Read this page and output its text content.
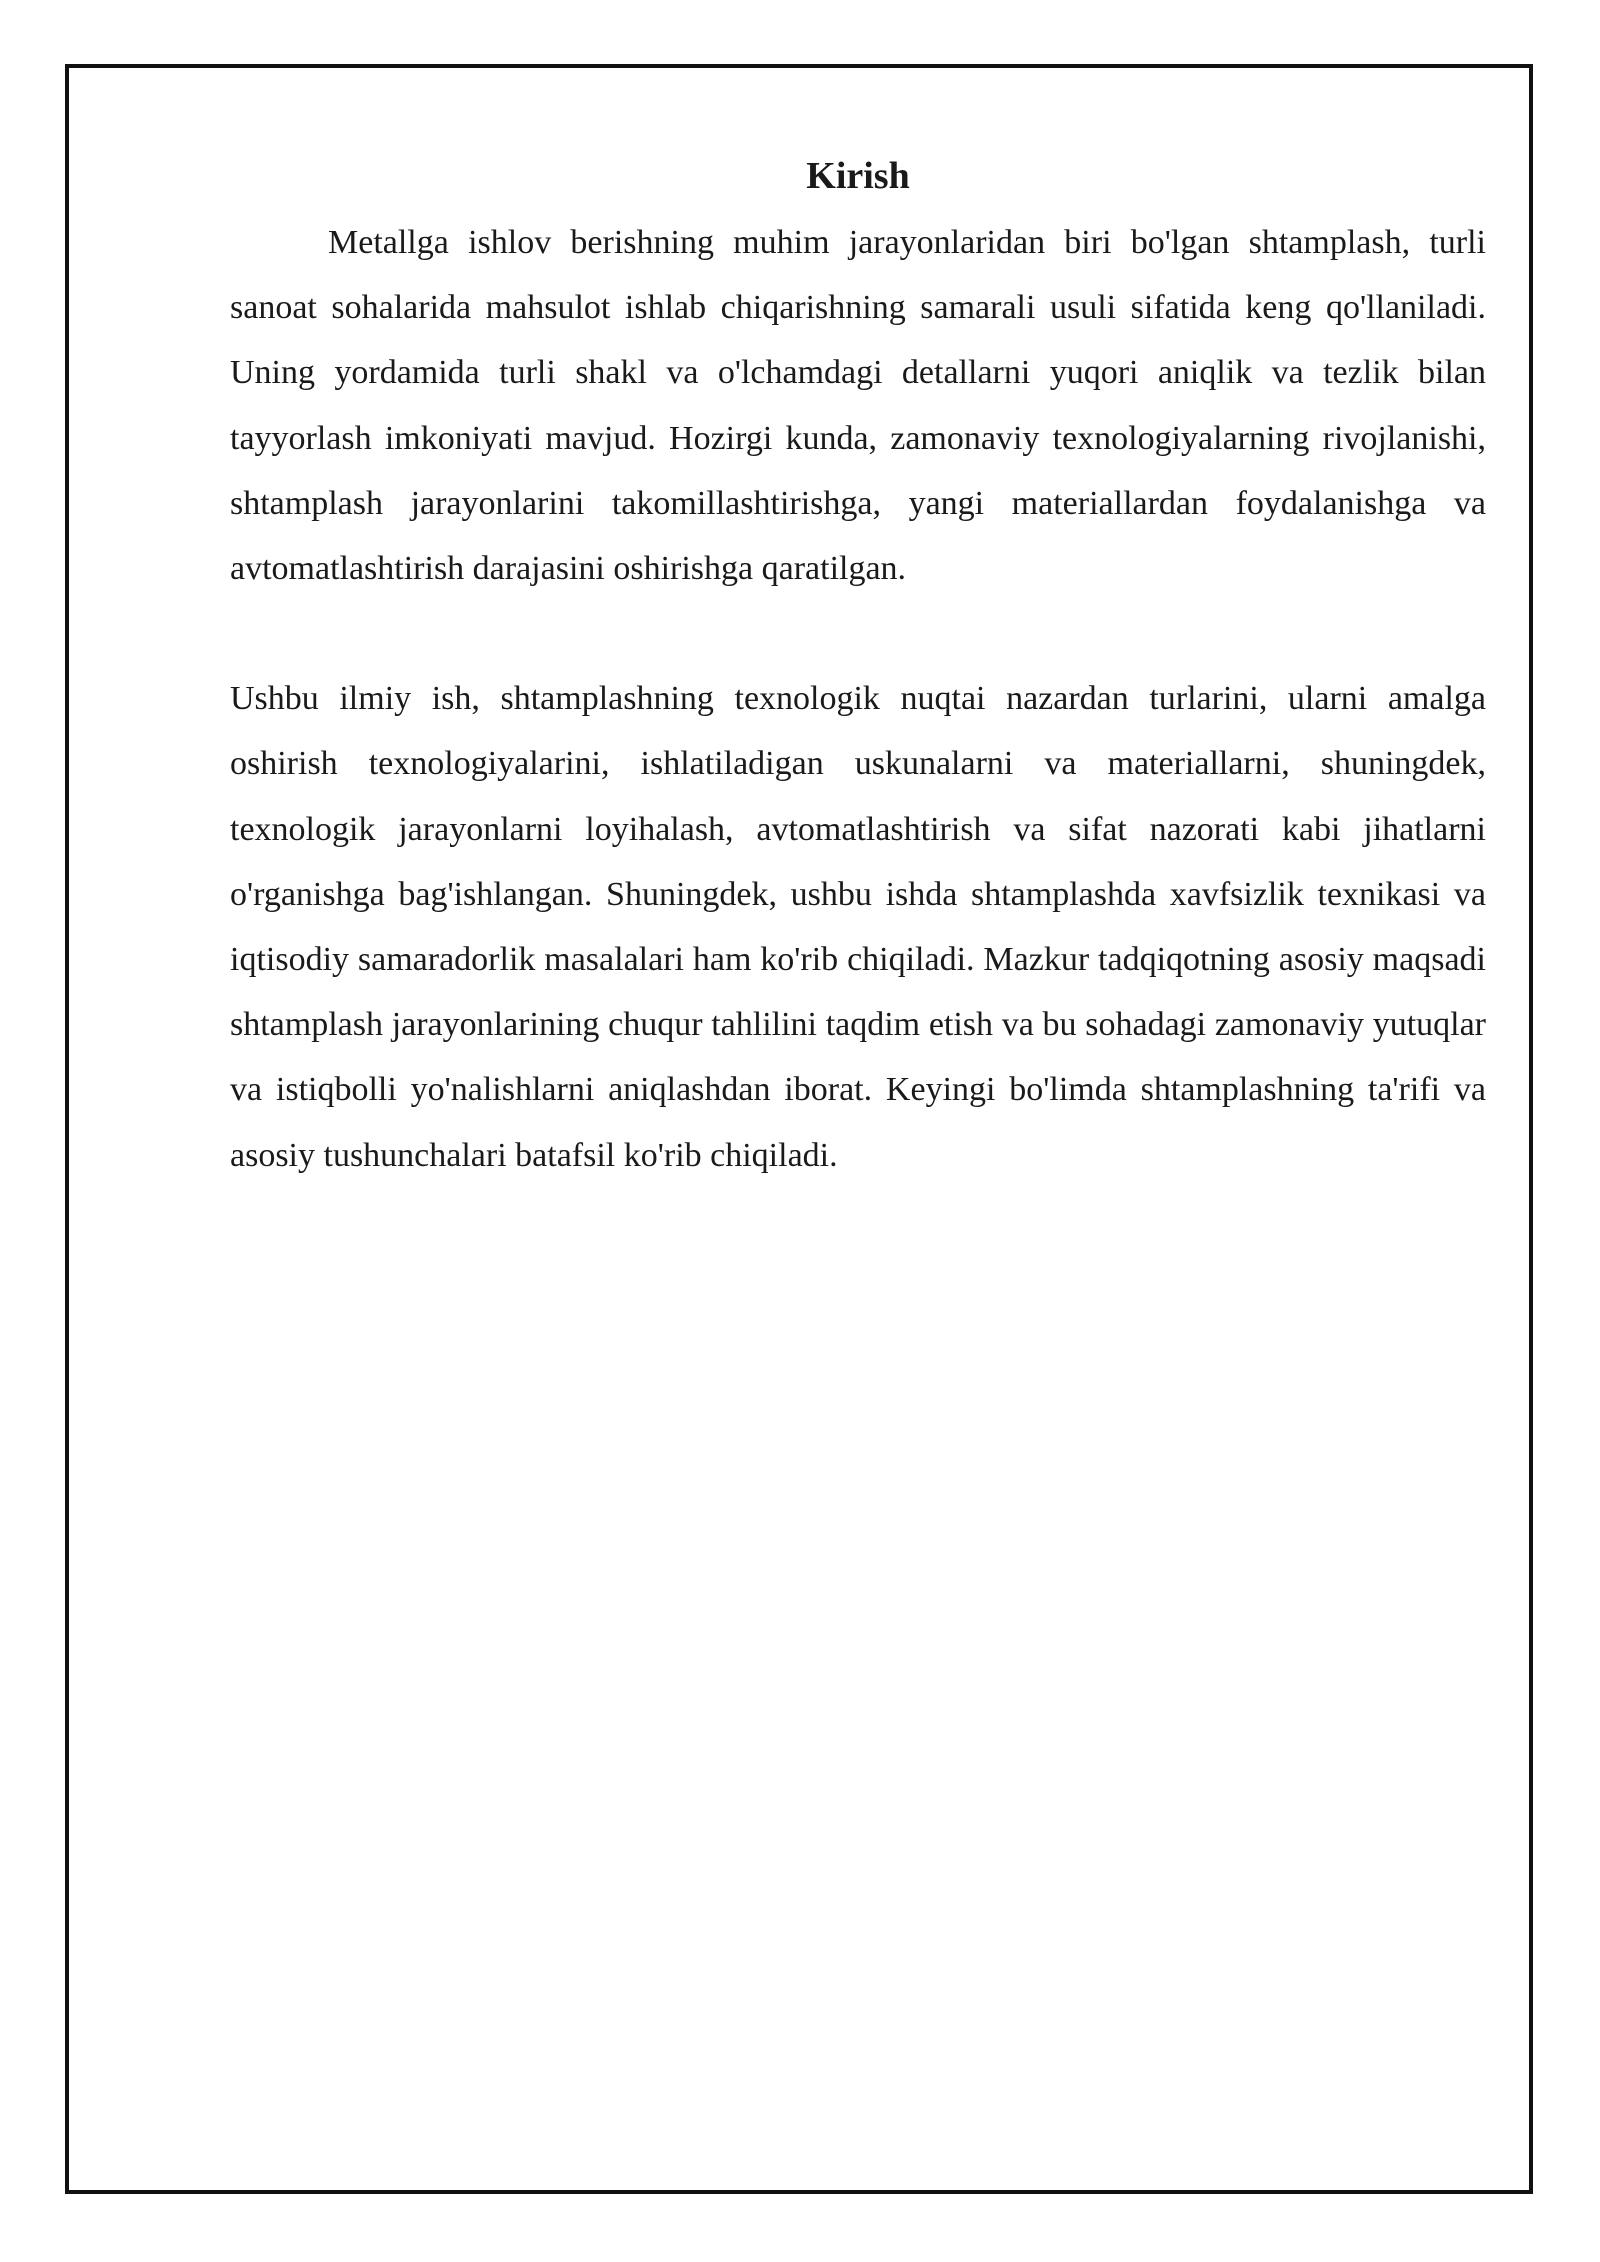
Kirish

Metallga ishlov berishning muhim jarayonlaridan biri bo'lgan shtamplash, turli sanoat sohalarida mahsulot ishlab chiqarishning samarali usuli sifatida keng qo'llaniladi. Uning yordamida turli shakl va o'lchamdagi detallarni yuqori aniqlik va tezlik bilan tayyorlash imkoniyati mavjud. Hozirgi kunda, zamonaviy texnologiyalarning rivojlanishi, shtamplash jarayonlarini takomillashtirishga, yangi materiallardan foydalanishga va avtomatlashtirish darajasini oshirishga qaratilgan.

Ushbu ilmiy ish, shtamplashning texnologik nuqtai nazardan turlarini, ularni amalga oshirish texnologiyalarini, ishlatiladigan uskunalarni va materiallarni, shuningdek, texnologik jarayonlarni loyihalash, avtomatlashtirish va sifat nazorati kabi jihatlarni o'rganishga bag'ishlangan. Shuningdek, ushbu ishda shtamplashda xavfsizlik texnikasi va iqtisodiy samaradorlik masalalari ham ko'rib chiqiladi. Mazkur tadqiqotning asosiy maqsadi shtamplash jarayonlarining chuqur tahlilini taqdim etish va bu sohadagi zamonaviy yutuqlar va istiqbolli yo'nalishlarni aniqlashdan iborat. Keyingi bo'limda shtamplashning ta'rifi va asosiy tushunchalari batafsil ko'rib chiqiladi.
